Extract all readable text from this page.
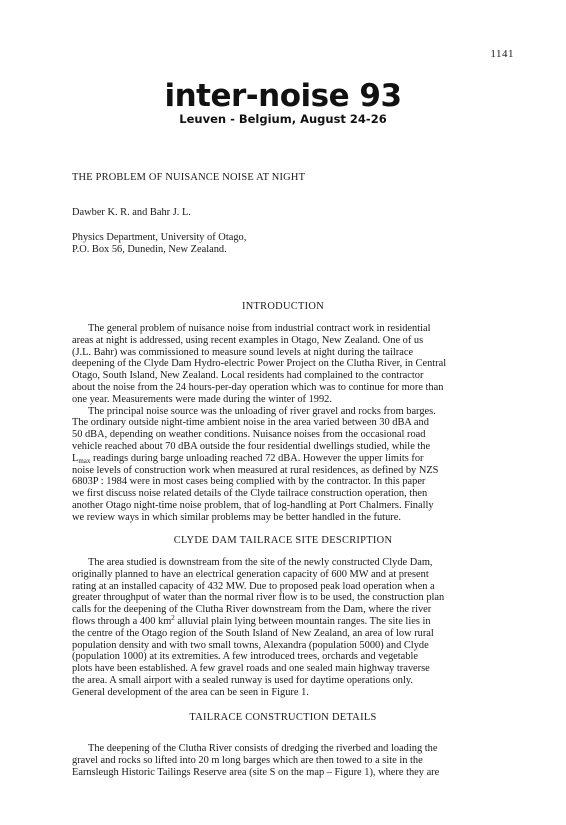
1141
inter-noise 93
Leuven - Belgium, August 24-26
THE PROBLEM OF NUISANCE NOISE AT NIGHT
Dawber K. R. and Bahr J. L.
Physics Department, University of Otago,
P.O. Box 56, Dunedin, New Zealand.
INTRODUCTION
The general problem of nuisance noise from industrial contract work in residential
areas at night is addressed, using recent examples in Otago, New Zealand. One of us
(J.L. Bahr) was commissioned to measure sound levels at night during the tailrace
deepening of the Clyde Dam Hydro-electric Power Project on the Clutha River, in Central
Otago, South Island, New Zealand. Local residents had complained to the contractor
about the noise from the 24 hours-per-day operation which was to continue for more than
one year. Measurements were made during the winter of 1992.
The principal noise source was the unloading of river gravel and rocks from barges.
The ordinary outside night-time ambient noise in the area varied between 30 dBA and
50 dBA, depending on weather conditions. Nuisance noises from the occasional road
vehicle reached about 70 dBA outside the four residential dwellings studied, while the
$L_{max}$ readings during barge unloading reached 72 dBA. However the upper limits for
noise levels of construction work when measured at rural residences, as defined by NZS
6803P : 1984 were in most cases being complied with by the contractor. In this paper
we first discuss noise related details of the Clyde tailrace construction operation, then
another Otago night-time noise problem, that of log-handling at Port Chalmers. Finally
we review ways in which similar problems may be better handled in the future.
CLYDE DAM TAILRACE SITE DESCRIPTION
The area studied is downstream from the site of the newly constructed Clyde Dam,
originally planned to have an electrical generation capacity of 600 MW and at present
rating at an installed capacity of 432 MW. Due to proposed peak load operation when a
greater throughput of water than the normal river flow is to be used, the construction plan
calls for the deepening of the Clutha River downstream from the Dam, where the river
flows through a 400 $km^2$ alluvial plain lying between mountain ranges. The site lies in
the centre of the Otago region of the South Island of New Zealand, an area of low rural
population density and with two small towns, Alexandra (population 5000) and Clyde
(population 1000) at its extremities. A few introduced trees, orchards and vegetable
plots have been established. A few gravel roads and one sealed main highway traverse
the area. A small airport with a sealed runway is used for daytime operations only.
General development of the area can be seen in Figure 1.
TAILRACE CONSTRUCTION DETAILS
The deepening of the Clutha River consists of dredging the riverbed and loading the
gravel and rocks so lifted into 20 m long barges which are then towed to a site in the
Earnsleugh Historic Tailings Reserve area (site S on the map – Figure 1), where they are
